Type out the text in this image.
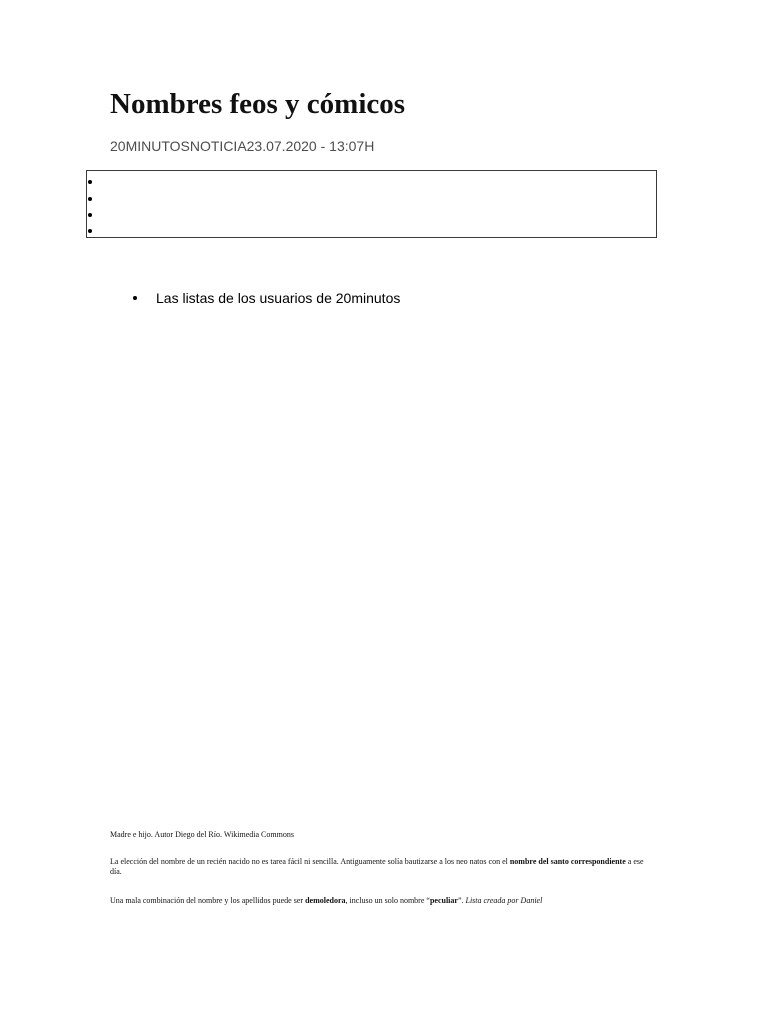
Nombres feos y cómicos
20MINUTOSNOTICIA23.07.2020 - 13:07H
Las listas de los usuarios de 20minutos
Madre e hijo. Autor Diego del Río. Wikimedia Commons

La elección del nombre de un recién nacido no es tarea fácil ni sencilla. Antiguamente solía bautizarse a los neo natos con el nombre del santo correspondiente a ese día.

Una mala combinación del nombre y los apellidos puede ser demoledora, incluso un solo nombre “peculiar”. Lista creada por Daniel
